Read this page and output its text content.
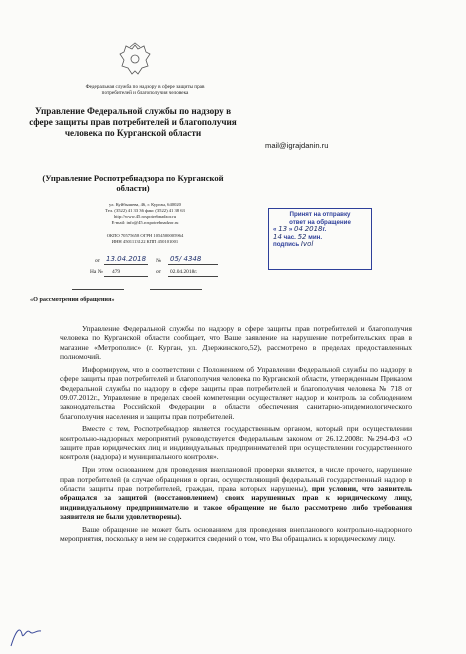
Федеральная служба по надзору в сфере защиты прав потребителей и благополучия человека
Управление Федеральной службы по надзору в сфере защиты прав потребителей и благополучия человека по Курганской области
(Управление Роспотребнадзора по Курганской области)
ул. Куйбышева, 46, г. Курган, 640020
Тел. (3522) 41 33 36 факс (3522) 41 38 63
http://www.45.rospotrebnadzor.ru
E-mail: info@45.rospotrebnadzor.ru
ОКПО 70575658 ОГРН 1054500005964
ИНН 4501113122 КПП 450101001
от 13.04.2018 № 05/ 4348
На № 479	от 02.04.2018г.
mail@igrajdanin.ru
Принят на отправку
ответ на обращение
« 13 » 04 2018г.
14 час. 52 мин.
подпись Ivol
«О рассмотрении обращения»

Управление Федеральной службы по надзору в сфере защиты прав потребителей и благополучия человека по Курганской области сообщает, что Ваше заявление на нарушение потребительских прав в магазине «Метрополис» (г. Курган, ул. Дзержинского,52), рассмотрено в пределах предоставленных полномочий.

Информируем, что в соответствии с Положением об Управлении Федеральной службы по надзору в сфере защиты прав потребителей и благополучия человека по Курганской области, утвержденным Приказом Федеральной службы по надзору в сфере защиты прав потребителей и благополучия человека № 718 от 09.07.2012г., Управление в пределах своей компетенции осуществляет надзор и контроль за соблюдением законодательства Российской Федерации в области обеспечения санитарно-эпидемиологического благополучия населения и защиты прав потребителей.

Вместе с тем, Роспотребнадзор является государственным органом, который при осуществлении контрольно-надзорных мероприятий руководствуется Федеральным законом от 26.12.2008г. №294-ФЗ «О защите прав юридических лиц и индивидуальных предпринимателей при осуществлении государственного контроля (надзора) и муниципального контроля».

При этом основанием для проведения внеплановой проверки является, в числе прочего, нарушение прав потребителей (в случае обращения в орган, осуществляющий федеральный государственный надзор в области защиты прав потребителей, граждан, права которых нарушены), при условии, что заявитель обращался за защитой (восстановлением) своих нарушенных прав к юридическому лицу, индивидуальному предпринимателю и такое обращение не было рассмотрено либо требования заявителя не были удовлетворены).

Ваше обращение не может быть основанием для проведения внепланового контрольно-надзорного мероприятия, поскольку в нем не содержится сведений о том, что Вы обращались к юридическому лицу.
